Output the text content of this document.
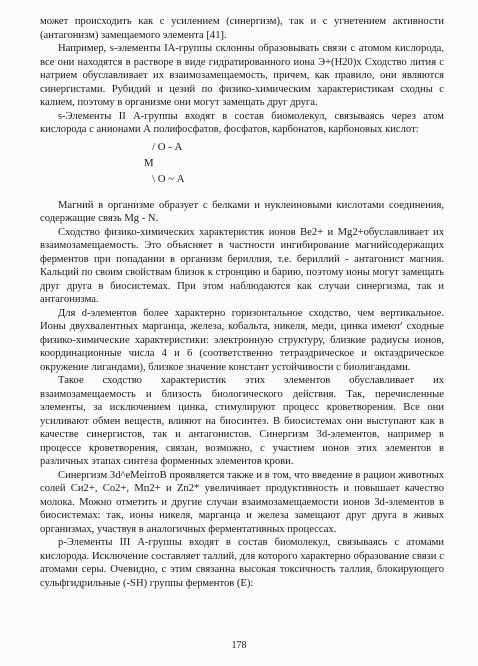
может происходить как с усилением (синергизм), так и с угнетением активности (антагонизм) замещаемого элемента [41].

Например, s-элементы IA-группы склонны образовывать связи с атомом кислорода, все они находятся в растворе в виде гидратированного иона Э+(Н20)х Сходство лития с натрием обуславливает их взаимозамещаемость, причем, как правило, они являются синергистами. Рубидий и цезий по физико-химическим характеристикам сходны с калием, поэтому в организме они могут замещать друг друга.

s-Элементы II А-группы входят в состав биомолекул, связываясь через атом кислорода с анионами А полифосфатов, фосфатов, карбонатов, карбоновых кислот:

/ О - А
М
\ О ~ А

Магний в организме образует с белками и нуклеиновыми кислотами соединения, содержащие связь Mg - N.

Сходство физико-химических характеристик ионов Ве2+ и Mg2+обуславливает их взаимозамещаемость. Это объясняет в частности ингибирование магнийсодержащих ферментов при попадании в организм бериллия, т.е. бериллий - антагонист магния. Кальций по своим свойствам близок к стронцию и барию, поэтому ионы могут замещать друг друга в биосистемах. При этом наблюдаются как случаи синергизма, так и антагонизма.

Для d-элементов более характерно горизонтальное сходство, чем вертикальное. Ионы двухвалентных марганца, железа, кобальта, никеля, меди, цинка имеют' сходные физико-химические характеристики: электронную структуру, близкие радиусы ионов, координационные числа 4 и 6 (соответственно тетраэдрическое и октаэдрическое окружение лигандами), близкое значение констант устойчивости с биолигандами.

Такое сходство характеристик этих элементов обуславливает их взаимозамещаемость и близость биологического действия. Так, перечисленные элементы, за исключением цинка, стимулируют процесс кроветворения. Все они усиливают обмен веществ, влияют на биосинтез. В биосистемах они выступают как в качестве синергистов, так и антагонистов. Синергизм 3d-элементов, например в процессе кроветворения, связан, возможно, с участием ионов этих элементов в различных этапах синтеза форменных элементов крови.

Синергизм 3d^eMeirroB проявляется также и в том, что введение в рацион животных солей Си2+, Со2+, Мп2+ и Zn2* увеличивает продуктивность и повышает качество молока. Можно отметить и другие случаи взаимозамещаемости ионов 3d-элементов в биосистемах: так, ионы никеля, марганца и железа замещают друг друга в живых организмах, участвуя в аналогичных ферментативных процессах.

р-Элементы III А-группы входят в состав биомолекул, связываясь с атомами кислорода. Исключение составляет таллий, для которого характерно образование связи с атомами серы. Очевидно, с этим связанна высокая токсичность таллия, блокирующего сульфгидрильные (-SH) группы ферментов (Е):

178
